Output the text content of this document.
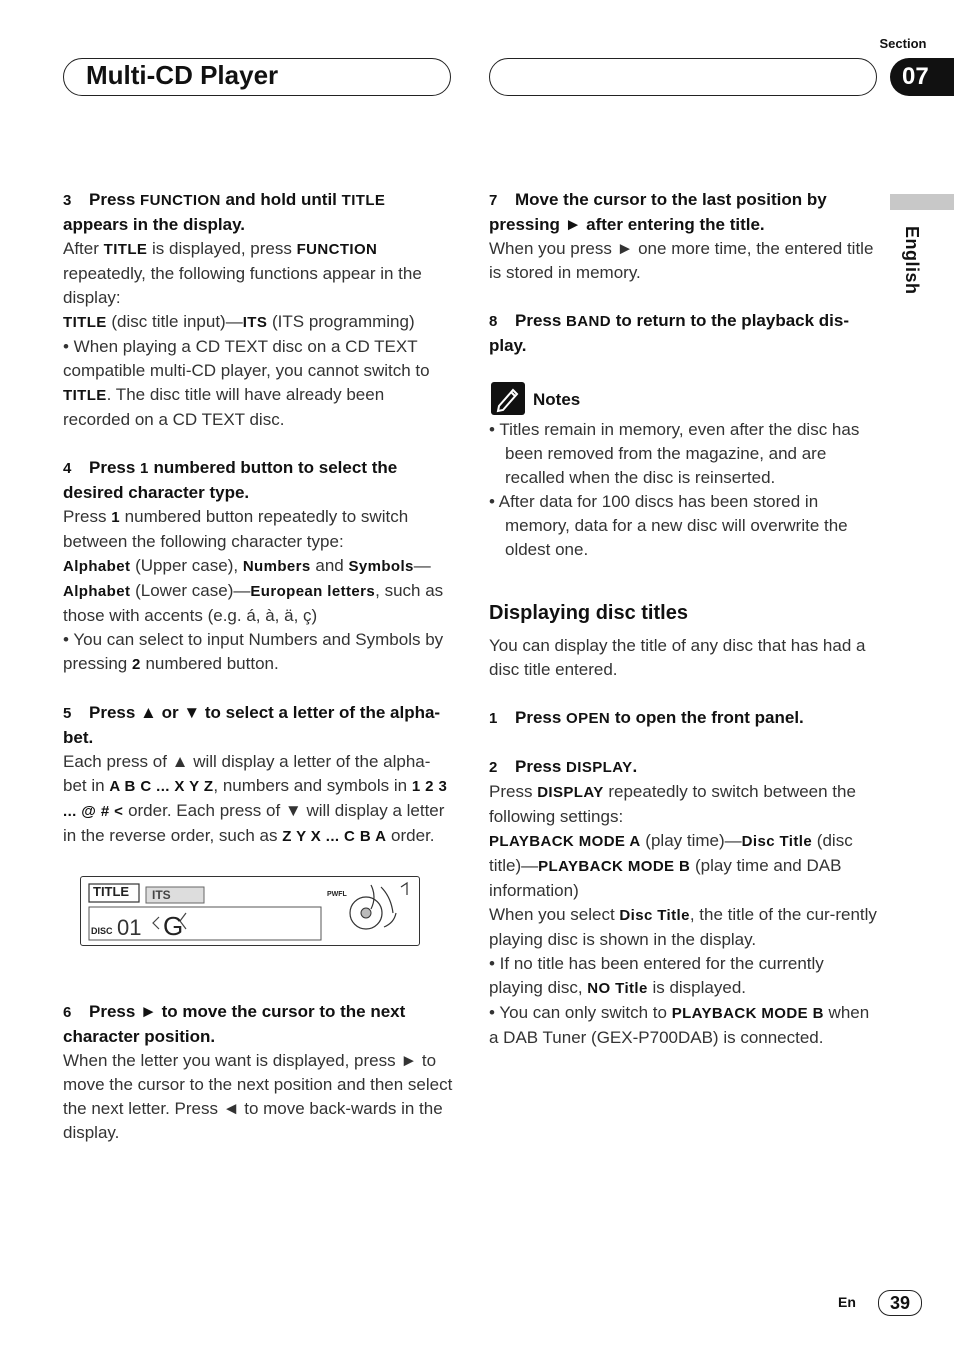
Multi-CD Player
Section
07
English

3 Press FUNCTION and hold until TITLE appears in the display.

After TITLE is displayed, press FUNCTION repeatedly, the following functions appear in the display:

TITLE (disc title input)—ITS (ITS programming)

• When playing a CD TEXT disc on a CD TEXT compatible multi-CD player, you cannot switch to TITLE. The disc title will have already been recorded on a CD TEXT disc.

4 Press 1 numbered button to select the desired character type.

Press 1 numbered button repeatedly to switch between the following character type:

Alphabet (Upper case), Numbers and Symbols—Alphabet (Lower case)—European letters, such as those with accents (e.g. á, à, ä, ç)

• You can select to input Numbers and Symbols by pressing 2 numbered button.

5 Press ▲ or ▼ to select a letter of the alpha-bet.

Each press of ▲ will display a letter of the alpha-bet in A B C ... X Y Z, numbers and symbols in 1 2 3 ... @ # < order. Each press of ▼ will display a letter in the reverse order, such as Z Y X ... C B A order.

TITLE ITS
DISC 01 G
PWFL

6 Press ► to move the cursor to the next character position.

When the letter you want is displayed, press ► to move the cursor to the next position and then select the next letter. Press ◄ to move back-wards in the display.

7 Move the cursor to the last position by pressing ► after entering the title.

When you press ► one more time, the entered title is stored in memory.

8 Press BAND to return to the playback dis-play.

Notes

• Titles remain in memory, even after the disc has been removed from the magazine, and are recalled when the disc is reinserted.

• After data for 100 discs has been stored in memory, data for a new disc will overwrite the oldest one.

Displaying disc titles

You can display the title of any disc that has had a disc title entered.

1 Press OPEN to open the front panel.

2 Press DISPLAY.

Press DISPLAY repeatedly to switch between the following settings:

PLAYBACK MODE A (play time)—Disc Title (disc title)—PLAYBACK MODE B (play time and DAB information)

When you select Disc Title, the title of the cur-rently playing disc is shown in the display.

• If no title has been entered for the currently playing disc, NO Title is displayed.

• You can only switch to PLAYBACK MODE B when a DAB Tuner (GEX-P700DAB) is connected.

En	39
